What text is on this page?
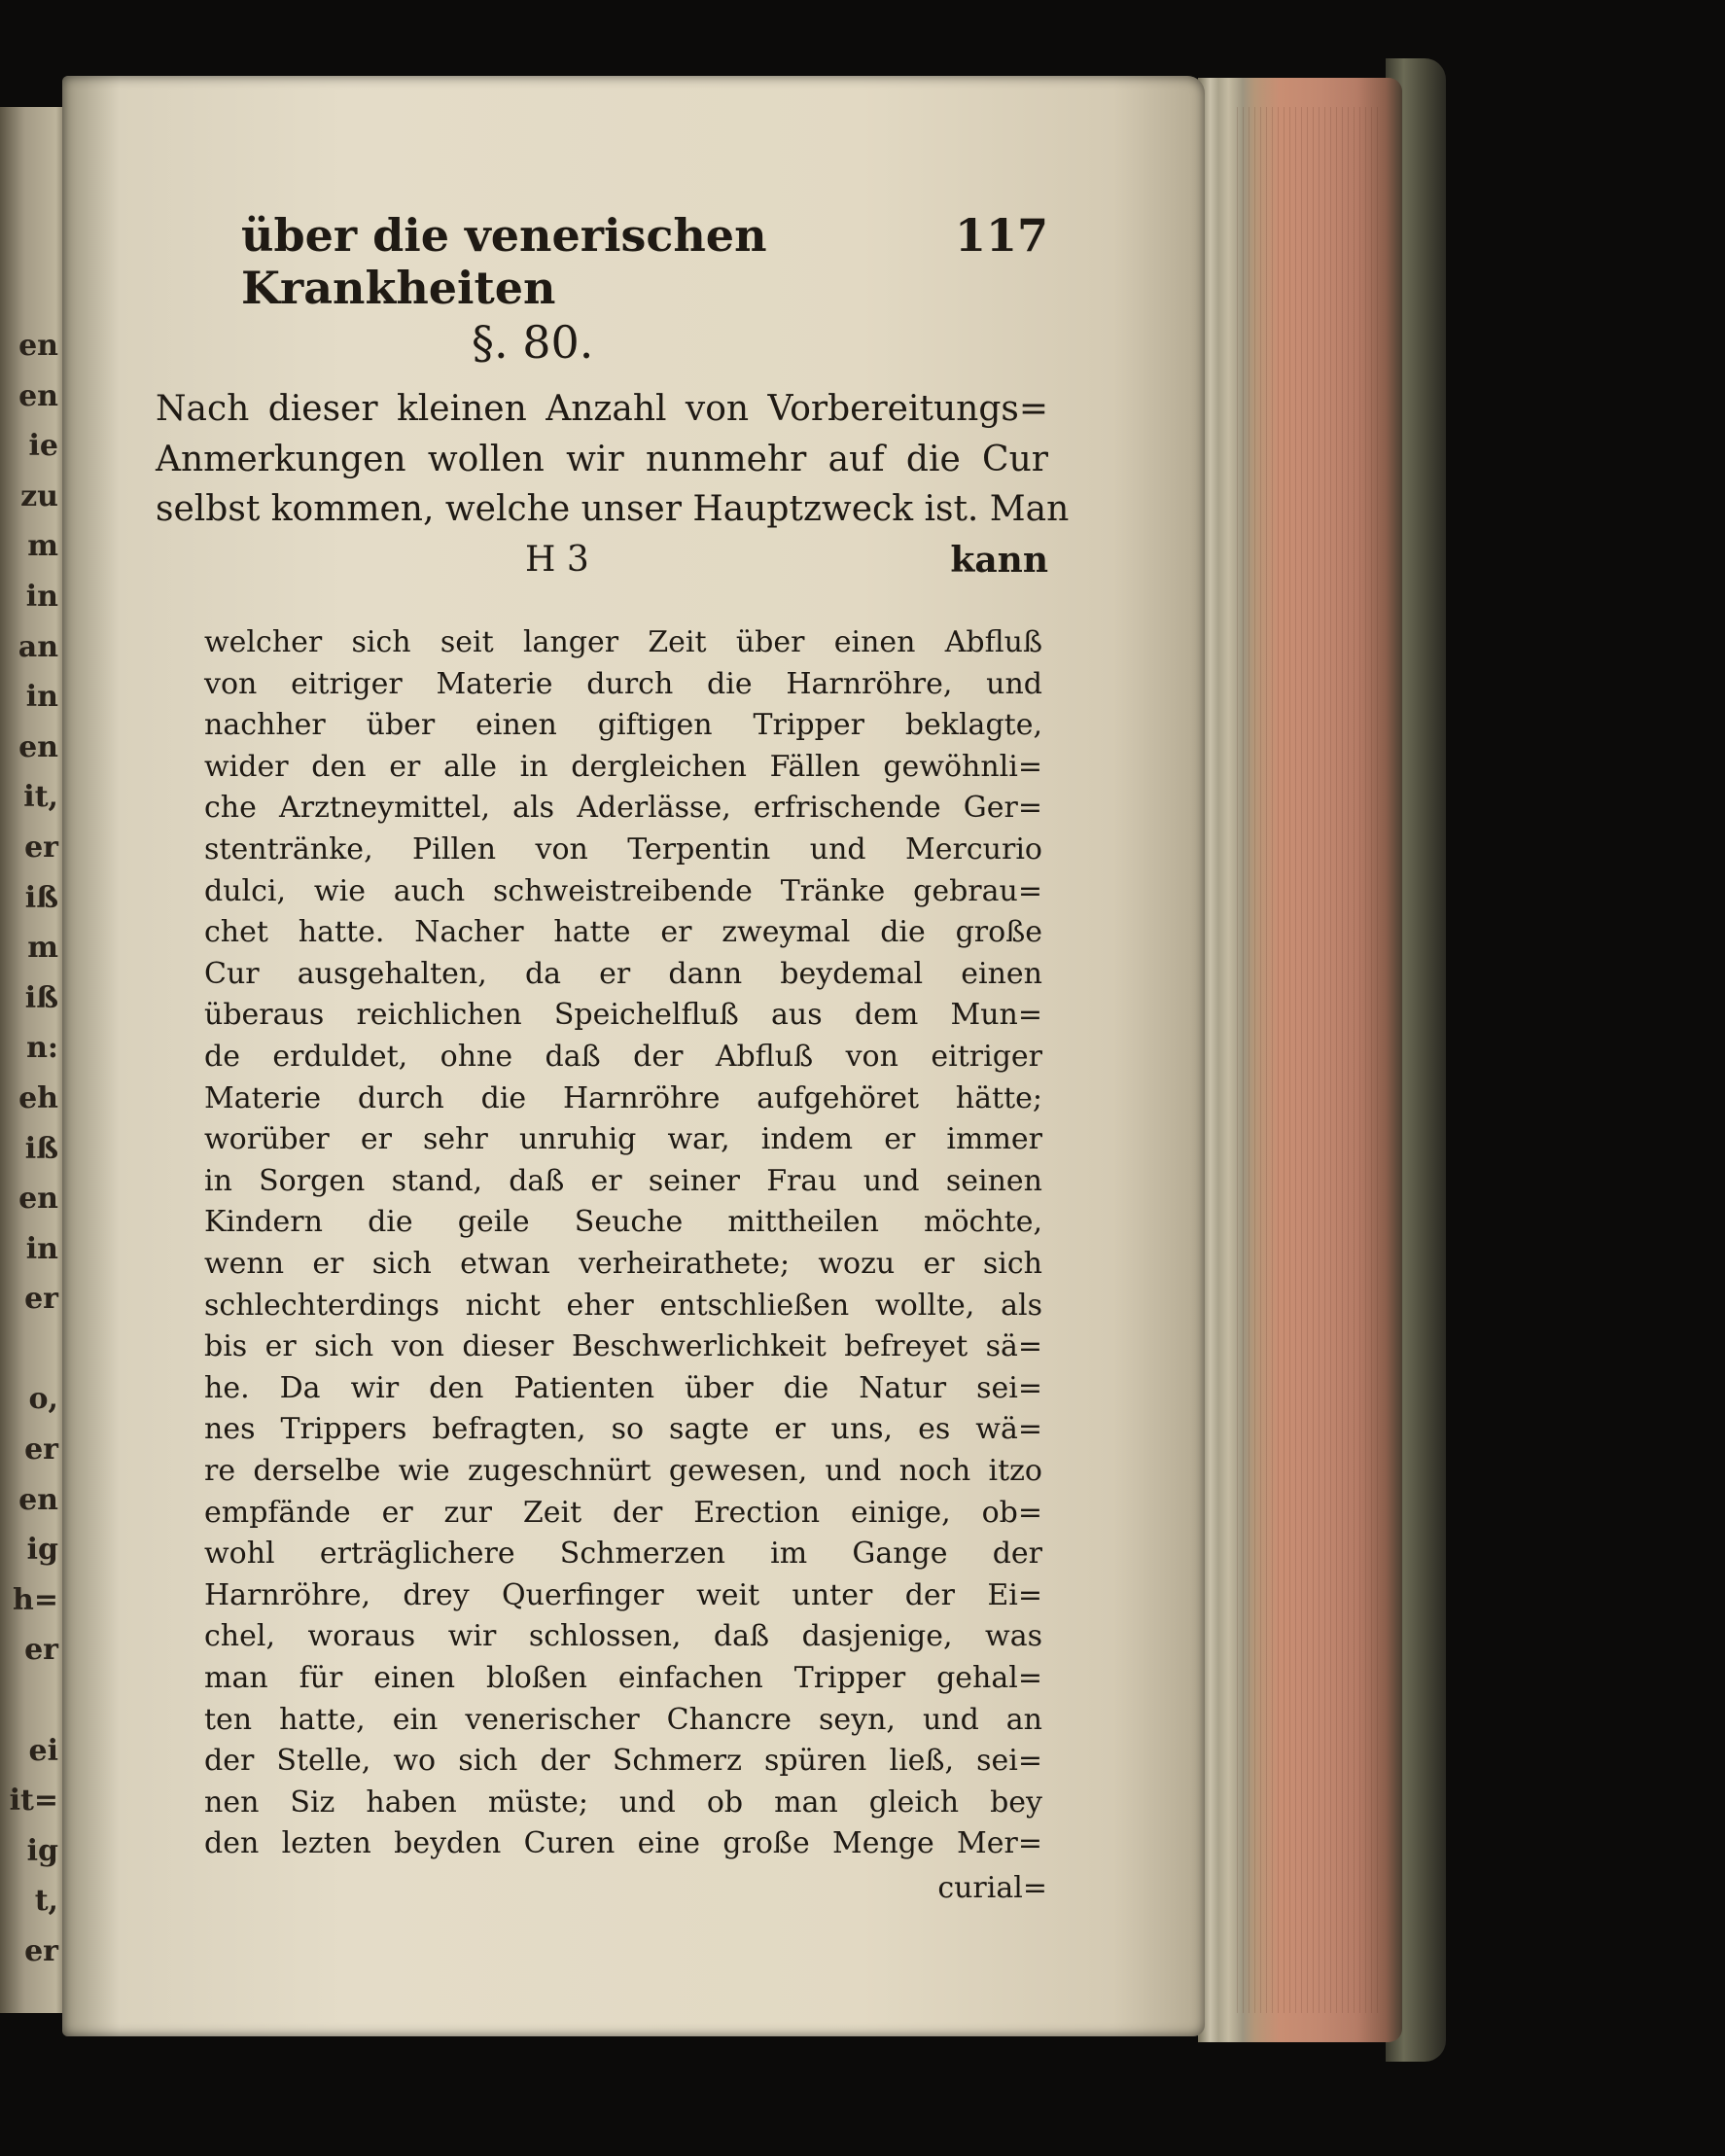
en
en
ie
zu
m
in
an
in
en
it,
er
iß
m
iß
n:
eh
iß
en
in
er

o,
er
en
ig
h=
er

ei
it=
ig
t,
er
über die venerischen Krankheiten
117
§. 80.
Nach dieser kleinen Anzahl von Vorbereitungs=
Anmerkungen wollen wir nunmehr auf die Cur
selbst kommen, welche unser Hauptzweck ist. Man
H 3	kann
welcher sich seit langer Zeit über einen Abfluß
von eitriger Materie durch die Harnröhre, und
nachher über einen giftigen Tripper beklagte,
wider den er alle in dergleichen Fällen gewöhnli=
che Arztneymittel, als Aderlässe, erfrischende Ger=
stentränke, Pillen von Terpentin und Mercurio
dulci, wie auch schweistreibende Tränke gebrau=
chet hatte. Nacher hatte er zweymal die große
Cur ausgehalten, da er dann beydemal einen
überaus reichlichen Speichelfluß aus dem Mun=
de erduldet, ohne daß der Abfluß von eitriger
Materie durch die Harnröhre aufgehöret hätte;
worüber er sehr unruhig war, indem er immer
in Sorgen stand, daß er seiner Frau und seinen
Kindern die geile Seuche mittheilen möchte,
wenn er sich etwan verheirathete; wozu er sich
schlechterdings nicht eher entschließen wollte, als
bis er sich von dieser Beschwerlichkeit befreyet sä=
he. Da wir den Patienten über die Natur sei=
nes Trippers befragten, so sagte er uns, es wä=
re derselbe wie zugeschnürt gewesen, und noch itzo
empfände er zur Zeit der Erection einige, ob=
wohl erträglichere Schmerzen im Gange der
Harnröhre, drey Querfinger weit unter der Ei=
chel, woraus wir schlossen, daß dasjenige, was
man für einen bloßen einfachen Tripper gehal=
ten hatte, ein venerischer Chancre seyn, und an
der Stelle, wo sich der Schmerz spüren ließ, sei=
nen Siz haben müste; und ob man gleich bey
den lezten beyden Curen eine große Menge Mer=
curial=
